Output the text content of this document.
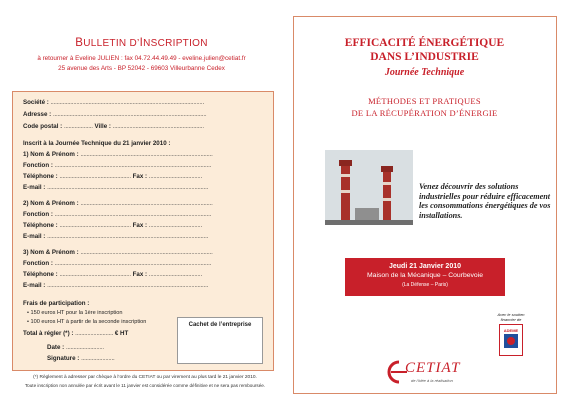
BULLETIN D’INSCRIPTION
à retourner à Eveline JULIEN : fax 04.72.44.49.49 - eveline.julien@cetiat.fr
25 avenue des Arts - BP 52042 - 69603 Villeurbanne Cedex
Société : .....................................................................................................
Adresse : .....................................................................................................
Code postal : ................... Ville : ............................................................
Inscrit à la Journée Technique du 21 janvier 2010 :
1) Nom & Prénom : .......................................................................................
Fonction : .......................................................................................................
Téléphone : ............................................... Fax : ...................................
E-mail : ..........................................................................................................
2) Nom & Prénom : .......................................................................................
Fonction : .......................................................................................................
Téléphone : ............................................... Fax : ...................................
E-mail : ..........................................................................................................
3) Nom & Prénom : .......................................................................................
Fonction : .......................................................................................................
Téléphone : ............................................... Fax : ...................................
E-mail : ..........................................................................................................
Frais de participation :
• 150 euros HT pour la 1ère inscription
• 100 euros HT à partir de la seconde inscription
Total à régler (*) : ......................... € HT
Date : .........................
Signature : ......................
Cachet de l’entreprise
(*) Règlement à adresser par chèque à l’ordre du CETIAT ou par virement au plus tard le 21 janvier 2010.
Toute inscription non annulée par écrit avant le 11 janvier est considérée comme définitive et ne sera pas remboursée.
EFFICACITÉ ÉNERGÉTIQUE
DANS L’INDUSTRIE
Journée Technique
MÉTHODES ET PRATIQUES
DE LA RÉCUPÉRATION D’ÉNERGIE
Venez découvrir des solutions industrielles pour réduire efficacement les consommations énergétiques de vos installations.
Jeudi 21 Janvier 2010
Maison de la Mécanique – Courbevoie
(La Défense – Paris)
Avec le soutien financier de
ADEME
CETIAT
de l’idée à la réalisation
